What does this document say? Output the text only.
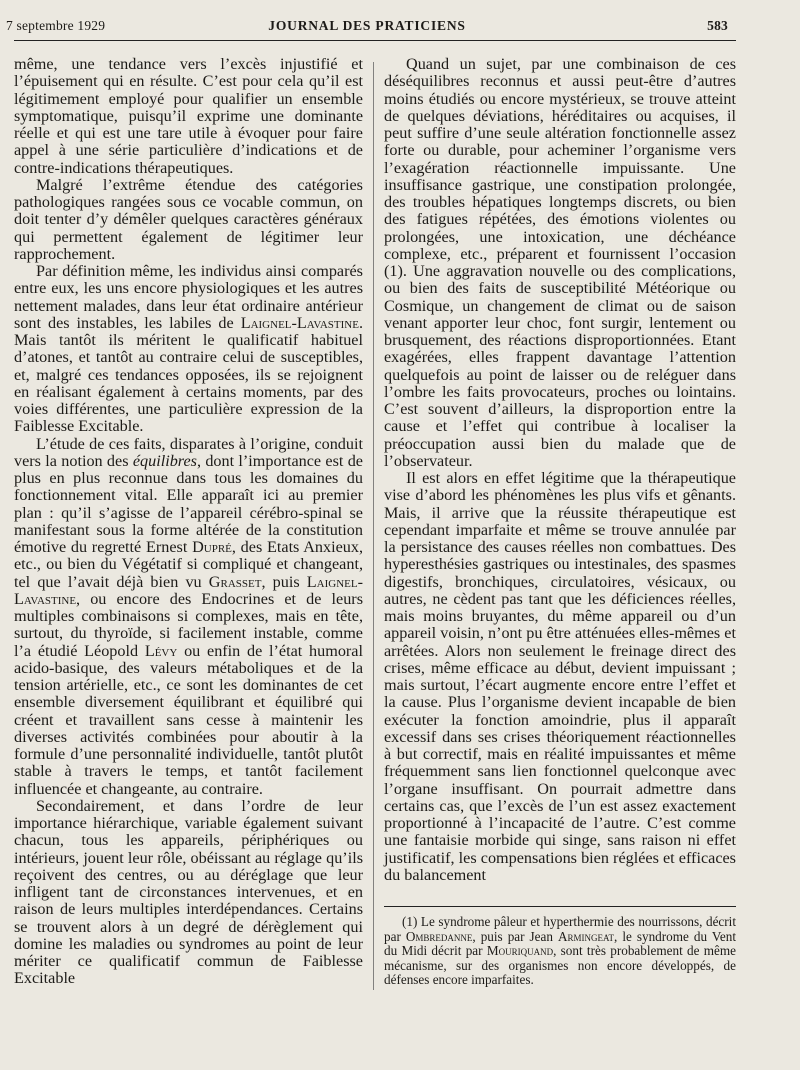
7 septembre 1929	JOURNAL DES PRATICIENS	583

même, une tendance vers l’excès injustifié et l’épuisement qui en résulte. C’est pour cela qu’il est légitimement employé pour qualifier un ensemble symptomatique, puisqu’il exprime une dominante réelle et qui est une tare utile à évoquer pour faire appel à une série particulière d’indications et de contre-indications thérapeutiques.

Malgré l’extrême étendue des catégories pathologiques rangées sous ce vocable commun, on doit tenter d’y démêler quelques caractères généraux qui permettent également de légitimer leur rapprochement.

Par définition même, les individus ainsi comparés entre eux, les uns encore physiologiques et les autres nettement malades, dans leur état ordinaire antérieur sont des instables, les labiles de Laignel-Lavastine. Mais tantôt ils méritent le qualificatif habituel d’atones, et tantôt au contraire celui de susceptibles, et, malgré ces tendances opposées, ils se rejoignent en réalisant également à certains moments, par des voies différentes, une particulière expression de la Faiblesse Excitable.

L’étude de ces faits, disparates à l’origine, conduit vers la notion des équilibres, dont l’importance est de plus en plus reconnue dans tous les domaines du fonctionnement vital. Elle apparaît ici au premier plan : qu’il s’agisse de l’appareil cérébro-spinal se manifestant sous la forme altérée de la constitution émotive du regretté Ernest Dupré, des Etats Anxieux, etc., ou bien du Végétatif si compliqué et changeant, tel que l’avait déjà bien vu Grasset, puis Laignel-Lavastine, ou encore des Endocrines et de leurs multiples combinaisons si complexes, mais en tête, surtout, du thyroïde, si facilement instable, comme l’a étudié Léopold Lévy ou enfin de l’état humoral acido-basique, des valeurs métaboliques et de la tension artérielle, etc., ce sont les dominantes de cet ensemble diversement équilibrant et équilibré qui créent et travaillent sans cesse à maintenir les diverses activités combinées pour aboutir à la formule d’une personnalité individuelle, tantôt plutôt stable à travers le temps, et tantôt facilement influencée et changeante, au contraire.

Secondairement, et dans l’ordre de leur importance hiérarchique, variable également suivant chacun, tous les appareils, périphériques ou intérieurs, jouent leur rôle, obéissant au réglage qu’ils reçoivent des centres, ou au déréglage que leur infligent tant de circonstances intervenues, et en raison de leurs multiples interdépendances. Certains se trouvent alors à un degré de dérèglement qui domine les maladies ou syndromes au point de leur mériter ce qualificatif commun de Faiblesse Excitable

Quand un sujet, par une combinaison de ces déséquilibres reconnus et aussi peut-être d’autres moins étudiés ou encore mystérieux, se trouve atteint de quelques déviations, héréditaires ou acquises, il peut suffire d’une seule altération fonctionnelle assez forte ou durable, pour acheminer l’organisme vers l’exagération réactionnelle impuissante. Une insuffisance gastrique, une constipation prolongée, des troubles hépatiques longtemps discrets, ou bien des fatigues répétées, des émotions violentes ou prolongées, une intoxication, une déchéance complexe, etc., préparent et fournissent l’occasion (1). Une aggravation nouvelle ou des complications, ou bien des faits de susceptibilité Météorique ou Cosmique, un changement de climat ou de saison venant apporter leur choc, font surgir, lentement ou brusquement, des réactions disproportionnées. Etant exagérées, elles frappent davantage l’attention quelquefois au point de laisser ou de reléguer dans l’ombre les faits provocateurs, proches ou lointains. C’est souvent d’ailleurs, la disproportion entre la cause et l’effet qui contribue à localiser la préoccupation aussi bien du malade que de l’observateur.

Il est alors en effet légitime que la thérapeutique vise d’abord les phénomènes les plus vifs et gênants. Mais, il arrive que la réussite thérapeutique est cependant imparfaite et même se trouve annulée par la persistance des causes réelles non combattues. Des hyperesthésies gastriques ou intestinales, des spasmes digestifs, bronchiques, circulatoires, vésicaux, ou autres, ne cèdent pas tant que les déficiences réelles, mais moins bruyantes, du même appareil ou d’un appareil voisin, n’ont pu être atténuées elles-mêmes et arrêtées. Alors non seulement le freinage direct des crises, même efficace au début, devient impuissant ; mais surtout, l’écart augmente encore entre l’effet et la cause. Plus l’organisme devient incapable de bien exécuter la fonction amoindrie, plus il apparaît excessif dans ses crises théoriquement réactionnelles à but correctif, mais en réalité impuissantes et même fréquemment sans lien fonctionnel quelconque avec l’organe insuffisant. On pourrait admettre dans certains cas, que l’excès de l’un est assez exactement proportionné à l’incapacité de l’autre. C’est comme une fantaisie morbide qui singe, sans raison ni effet justificatif, les compensations bien réglées et efficaces du balancement

(1) Le syndrome pâleur et hyperthermie des nourrissons, décrit par Ombredanne, puis par Jean Armingeat, le syndrome du Vent du Midi décrit par Mouriquand, sont très probablement de même mécanisme, sur des organismes non encore développés, de défenses encore imparfaites.
